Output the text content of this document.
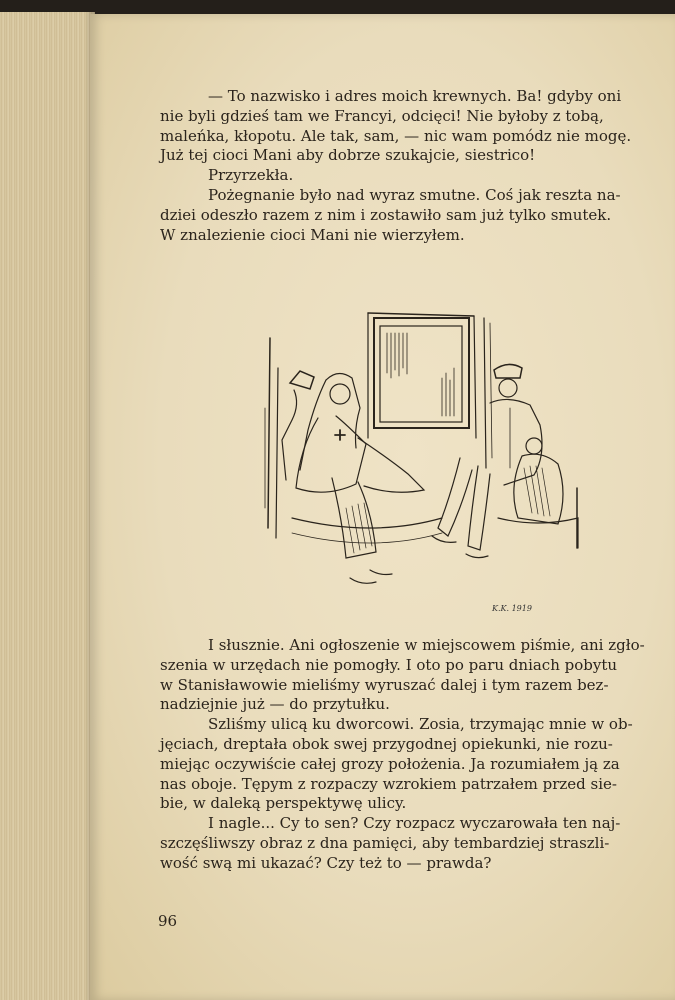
— To nazwisko i adres moich krewnych. Ba! gdyby oni
nie byli gdzieś tam we Francyi, odcięci! Nie byłoby z tobą,
maleńka, kłopotu. Ale tak, sam, — nic wam pomódz nie mogę.
Już tej cioci Mani aby dobrze szukajcie, siestrico!

Przyrzekła.

Pożegnanie było nad wyraz smutne. Coś jak reszta na-
dziei odeszło razem z nim i zostawiło sam już tylko smutek.
W znalezienie cioci Mani nie wierzyłem.

K.K. 1919

I słusznie. Ani ogłoszenie w miejscowem piśmie, ani zgło-
szenia w urzędach nie pomogły. I oto po paru dniach pobytu
w Stanisławowie mieliśmy wyruszać dalej i tym razem bez-
nadziejnie już — do przytułku.

Szliśmy ulicą ku dworcowi. Zosia, trzymając mnie w ob-
jęciach, dreptała obok swej przygodnej opiekunki, nie rozu-
miejąc oczywiście całej grozy położenia. Ja rozumiałem ją za
nas oboje. Tępym z rozpaczy wzrokiem patrzałem przed sie-
bie, w daleką perspektywę ulicy.

I nagle... Cy to sen? Czy rozpacz wyczarowała ten naj-
szczęśliwszy obraz z dna pamięci, aby tembardziej straszli-
wość swą mi ukazać? Czy też to — prawda?

96
